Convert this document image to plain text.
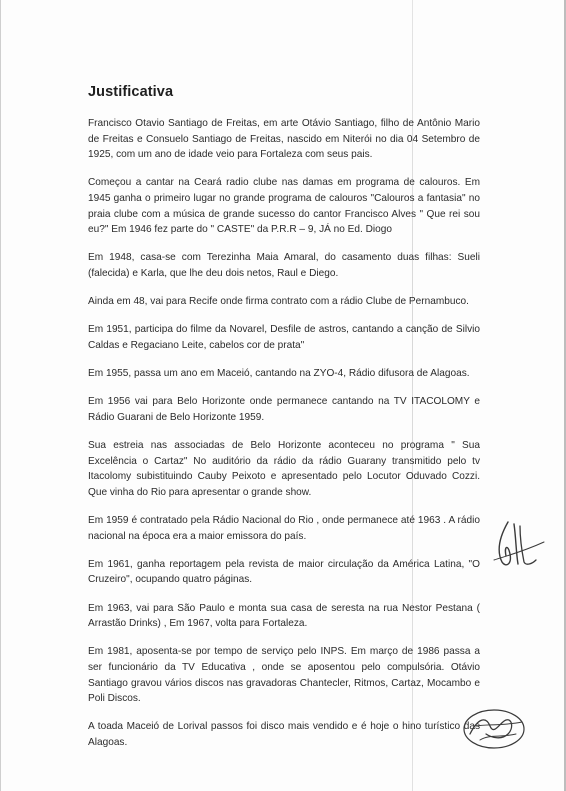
Justificativa

Francisco Otavio Santiago de Freitas, em arte Otávio Santiago, filho de Antônio Mario de Freitas e Consuelo Santiago de Freitas, nascido em Niterói no dia 04 Setembro de 1925, com um ano de idade veio para Fortaleza com seus pais.

Começou a cantar na Ceará radio clube nas damas em programa de calouros. Em 1945 ganha o primeiro lugar no grande programa de calouros "Calouros a fantasia" no praia clube com a música de grande sucesso do cantor Francisco Alves " Que rei sou eu?" Em 1946 fez parte do " CASTE" da P.R.R – 9, JÁ no Ed. Diogo

Em 1948, casa-se com Terezinha Maia Amaral, do casamento duas filhas: Sueli (falecida) e Karla, que lhe deu dois netos, Raul e Diego.

Ainda em 48, vai para Recife onde firma contrato com a rádio Clube de Pernambuco.

Em 1951, participa do filme da Novarel, Desfile de astros, cantando a canção de Silvio Caldas e Regaciano Leite, cabelos cor de prata"

Em 1955, passa um ano em Maceió, cantando na ZYO-4, Rádio difusora de Alagoas.

Em 1956 vai para Belo Horizonte onde permanece cantando na TV ITACOLOMY e Rádio Guarani de Belo Horizonte 1959.

Sua estreia nas associadas de Belo Horizonte aconteceu no programa " Sua Excelência o Cartaz" No auditório da rádio da rádio Guarany transmitido pelo tv Itacolomy subistituindo Cauby Peixoto e apresentado pelo Locutor Oduvado Cozzi. Que vinha do Rio para apresentar o grande show.

Em 1959 é contratado pela Rádio Nacional do Rio , onde permanece até 1963 . A rádio nacional na época era a maior emissora do país.

Em 1961, ganha reportagem pela revista de maior circulação da América Latina, "O Cruzeiro", ocupando quatro páginas.

Em 1963, vai para São Paulo e monta sua casa de seresta na rua Nestor Pestana ( Arrastão Drinks) , Em 1967, volta para Fortaleza.

Em 1981, aposenta-se por tempo de serviço pelo INPS. Em março de 1986 passa a ser funcionário da TV Educativa , onde se aposentou pelo compulsória. Otávio Santiago gravou vários discos nas gravadoras Chantecler, Ritmos, Cartaz, Mocambo e Poli Discos.

A toada Maceió de Lorival passos foi disco mais vendido e é hoje o hino turístico das Alagoas.
